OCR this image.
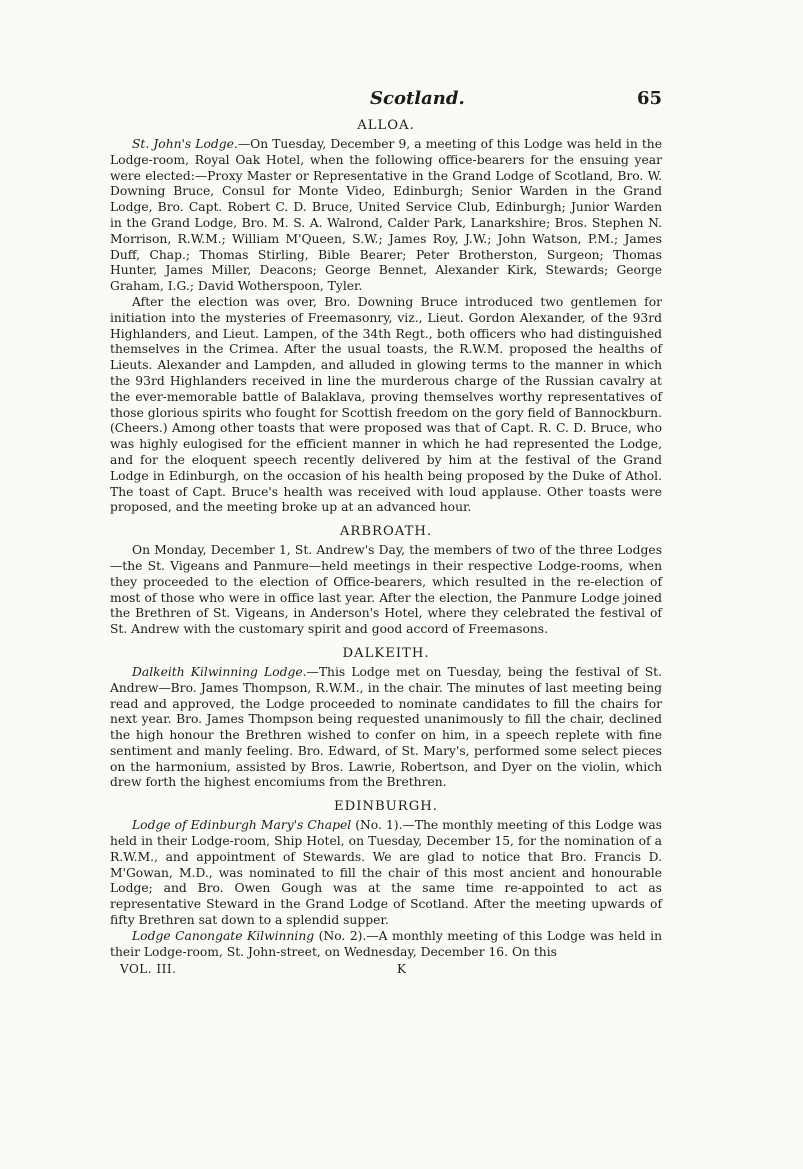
Scotland.	65
ALLOA.

St. John's Lodge.—On Tuesday, December 9, a meeting of this Lodge was held in the Lodge-room, Royal Oak Hotel, when the following office-bearers for the ensuing year were elected:—Proxy Master or Representative in the Grand Lodge of Scotland, Bro. W. Downing Bruce, Consul for Monte Video, Edinburgh; Senior Warden in the Grand Lodge, Bro. Capt. Robert C. D. Bruce, United Service Club, Edinburgh; Junior Warden in the Grand Lodge, Bro. M. S. A. Walrond, Calder Park, Lanarkshire; Bros. Stephen N. Morrison, R.W.M.; William M'Queen, S.W.; James Roy, J.W.; John Watson, P.M.; James Duff, Chap.; Thomas Stirling, Bible Bearer; Peter Brotherston, Surgeon; Thomas Hunter, James Miller, Deacons; George Bennet, Alexander Kirk, Stewards; George Graham, I.G.; David Wotherspoon, Tyler.

After the election was over, Bro. Downing Bruce introduced two gentlemen for initiation into the mysteries of Freemasonry, viz., Lieut. Gordon Alexander, of the 93rd Highlanders, and Lieut. Lampen, of the 34th Regt., both officers who had distinguished themselves in the Crimea. After the usual toasts, the R.W.M. proposed the healths of Lieuts. Alexander and Lampden, and alluded in glowing terms to the manner in which the 93rd Highlanders received in line the murderous charge of the Russian cavalry at the ever-memorable battle of Balaklava, proving themselves worthy representatives of those glorious spirits who fought for Scottish freedom on the gory field of Bannockburn. (Cheers.) Among other toasts that were proposed was that of Capt. R. C. D. Bruce, who was highly eulogised for the efficient manner in which he had represented the Lodge, and for the eloquent speech recently delivered by him at the festival of the Grand Lodge in Edinburgh, on the occasion of his health being proposed by the Duke of Athol. The toast of Capt. Bruce's health was received with loud applause. Other toasts were proposed, and the meeting broke up at an advanced hour.

ARBROATH.

On Monday, December 1, St. Andrew's Day, the members of two of the three Lodges—the St. Vigeans and Panmure—held meetings in their respective Lodge-rooms, when they proceeded to the election of Office-bearers, which resulted in the re-election of most of those who were in office last year. After the election, the Panmure Lodge joined the Brethren of St. Vigeans, in Anderson's Hotel, where they celebrated the festival of St. Andrew with the customary spirit and good accord of Freemasons.

DALKEITH.

Dalkeith Kilwinning Lodge.—This Lodge met on Tuesday, being the festival of St. Andrew—Bro. James Thompson, R.W.M., in the chair. The minutes of last meeting being read and approved, the Lodge proceeded to nominate candidates to fill the chairs for next year. Bro. James Thompson being requested unanimously to fill the chair, declined the high honour the Brethren wished to confer on him, in a speech replete with fine sentiment and manly feeling. Bro. Edward, of St. Mary's, performed some select pieces on the harmonium, assisted by Bros. Lawrie, Robertson, and Dyer on the violin, which drew forth the highest encomiums from the Brethren.

EDINBURGH.

Lodge of Edinburgh Mary's Chapel (No. 1).—The monthly meeting of this Lodge was held in their Lodge-room, Ship Hotel, on Tuesday, December 15, for the nomination of a R.W.M., and appointment of Stewards. We are glad to notice that Bro. Francis D. M'Gowan, M.D., was nominated to fill the chair of this most ancient and honourable Lodge; and Bro. Owen Gough was at the same time re-appointed to act as representative Steward in the Grand Lodge of Scotland. After the meeting upwards of fifty Brethren sat down to a splendid supper.

Lodge Canongate Kilwinning (No. 2).—A monthly meeting of this Lodge was held in their Lodge-room, St. John-street, on Wednesday, December 16. On this

VOL. III.	K
